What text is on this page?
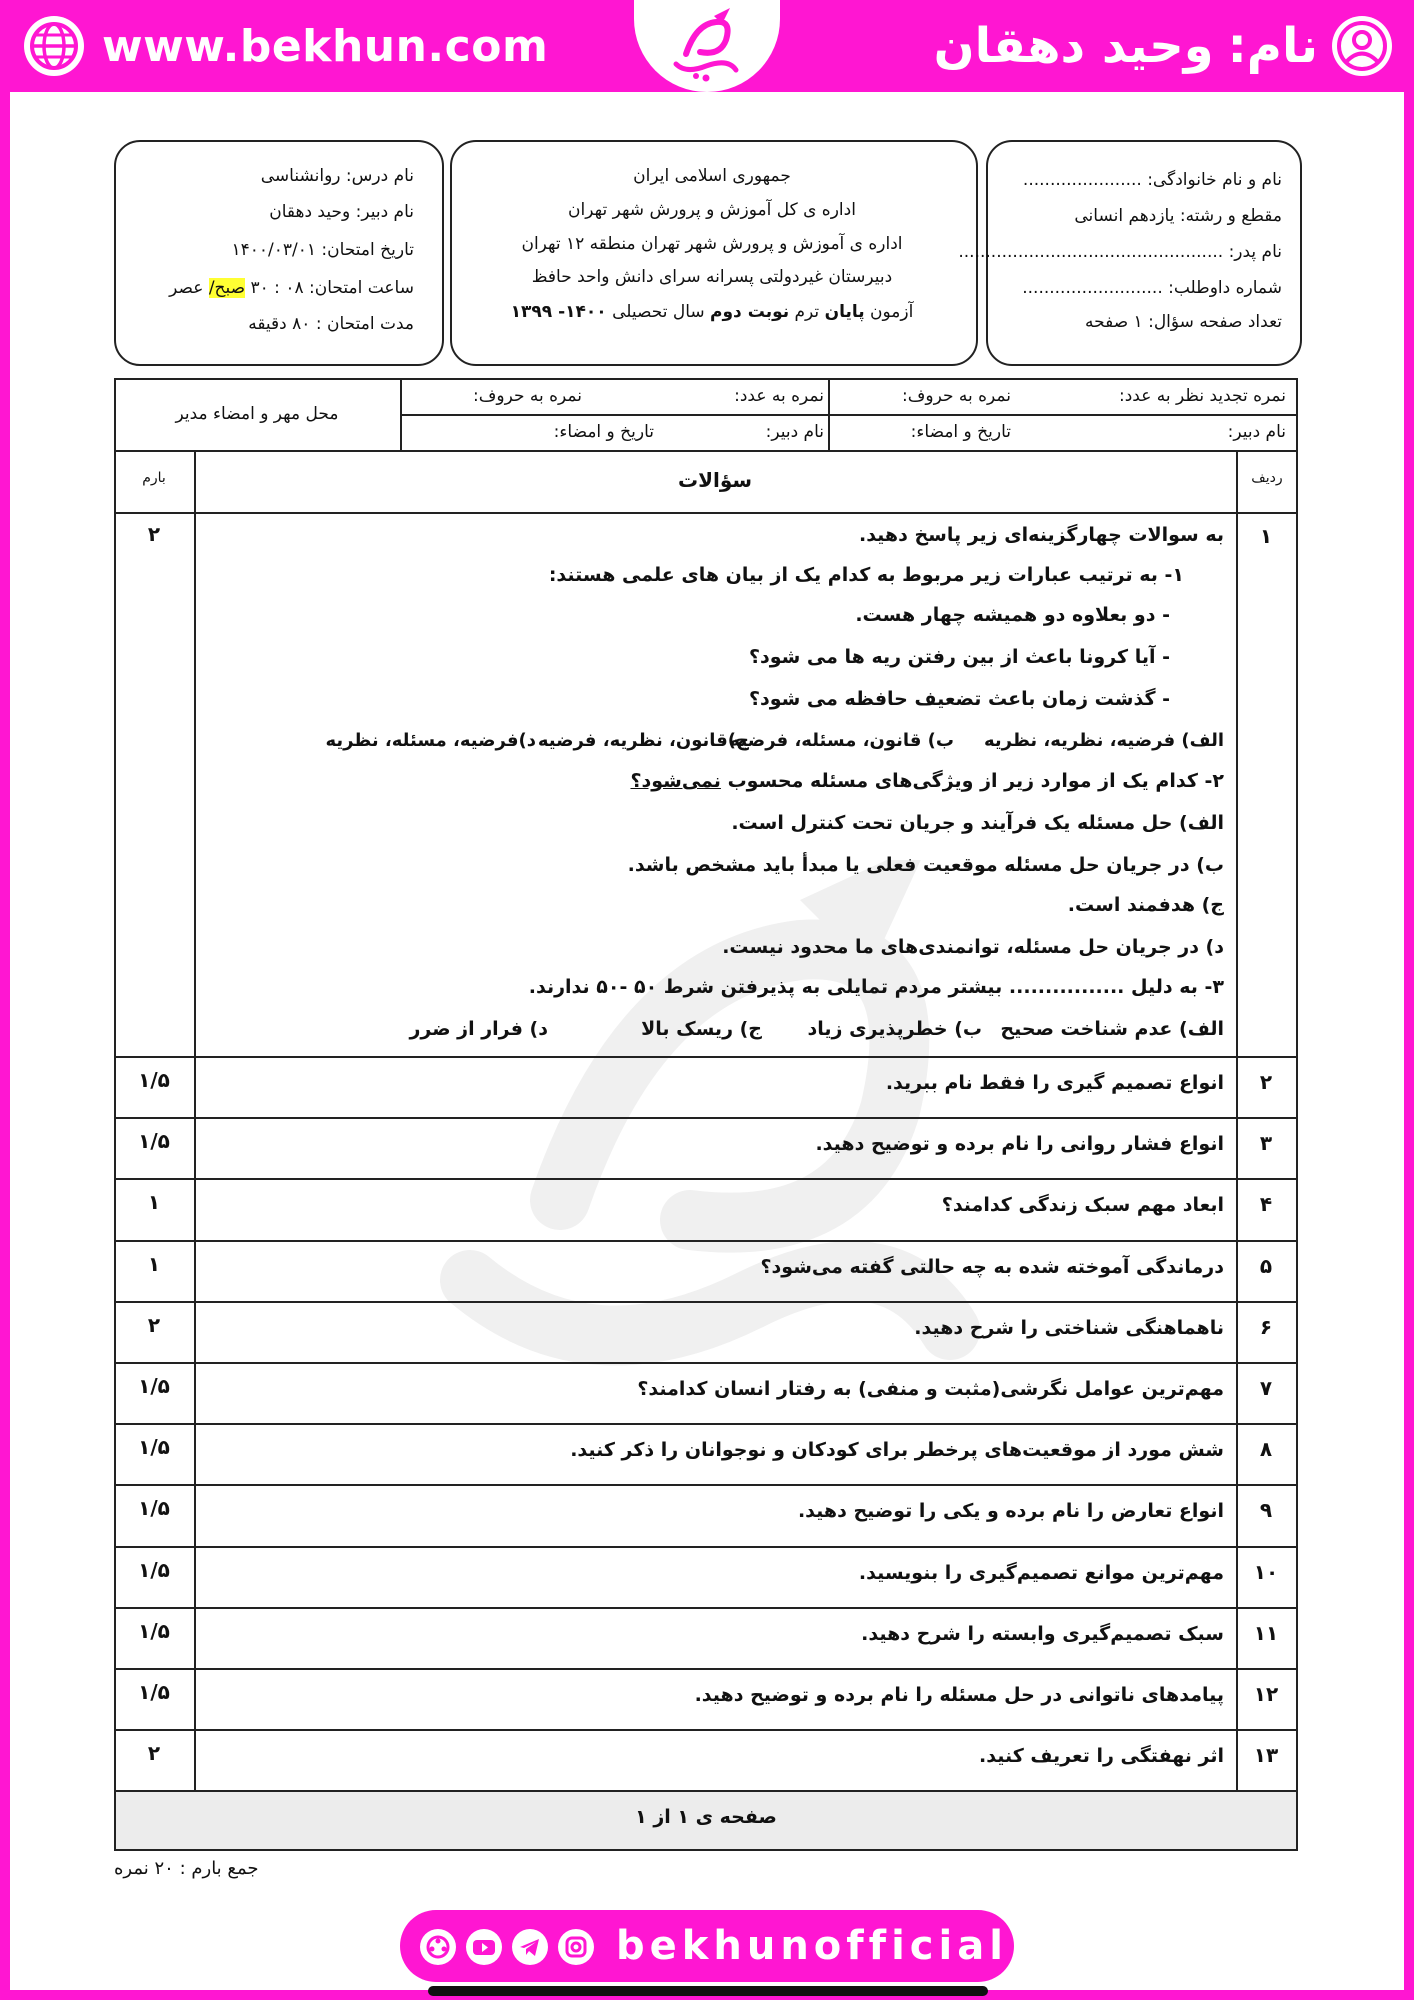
www.bekhun.com	نام:
وحید دهقان
نام درس: روانشناسی
نام دبیر: وحید دهقان
تاریخ امتحان: ۱۴۰۰/۰۳/۰۱
ساعت امتحان: ۰۸ : ۳۰ صبح/ عصر
مدت امتحان : ۸۰ دقیقه
جمهوری اسلامی ایران
اداره ی کل آموزش و پرورش شهر تهران
اداره ی آموزش و پرورش شهر تهران منطقه ۱۲ تهران
دبیرستان غیردولتی پسرانه سرای دانش واحد حافظ
آزمون پایان ترم نوبت دوم سال تحصیلی ۱۴۰۰- ۱۳۹۹
نام و نام خانوادگی: ......................
مقطع و رشته: یازدهم انسانی
نام پدر: .................................................
شماره داوطلب: ..........................
تعداد صفحه سؤال: ۱ صفحه
نمره تجدید نظر به عدد:
نمره به حروف:
نمره به عدد:
نمره به حروف:
نام دبیر:
تاریخ و امضاء:
نام دبیر:
تاریخ و امضاء:
محل مهر و امضاء مدیر
ردیف
سؤالات
بارم
۱
۲	به سوالات چهارگزینه‌ای زیر پاسخ دهید.
۱- به ترتیب عبارات زیر مربوط به کدام یک از بیان های علمی هستند:
- دو بعلاوه دو همیشه چهار هست.
- آیا کرونا باعث از بین رفتن ریه ها می شود؟
- گذشت زمان باعث تضعیف حافظه می شود؟
الف) فرضیه، نظریه، نظریه
ب) قانون، مسئله، فرضیه
ج)قانون، نظریه، فرضیه
د)فرضیه، مسئله، نظریه
۲- کدام یک از موارد زیر از ویژگی‌های مسئله محسوب نمی‌شود؟
الف) حل مسئله یک فرآیند و جریان تحت کنترل است.
ب) در جریان حل مسئله موقعیت فعلی یا مبدأ باید مشخص باشد.
ج) هدفمند است.
د) در جریان حل مسئله، توانمندی‌های ما محدود نیست.
۳- به دلیل ................ بیشتر مردم تمایلی به پذیرفتن شرط ۵۰ -۵۰ ندارند.
الف) عدم شناخت صحیح
ب) خطرپذیری زیاد
ج) ریسک بالا
د) فرار از ضرر
۲
انواع تصمیم گیری را فقط نام ببرید.
۱/۵
۳
انواع فشار روانی را نام برده و توضیح دهید.
۱/۵
۴
ابعاد مهم سبک زندگی کدامند؟
۱
۵
درماندگی آموخته شده به چه حالتی گفته می‌شود؟
۱
۶
ناهماهنگی شناختی را شرح دهید.
۲
۷
مهم‌ترین عوامل نگرشی(مثبت و منفی) به رفتار انسان کدامند؟
۱/۵
۸
شش مورد از موقعیت‌های پرخطر برای کودکان و نوجوانان را ذکر کنید.
۱/۵
۹
انواع تعارض را نام برده و یکی را توضیح دهید.
۱/۵
۱۰
مهم‌ترین موانع تصمیم‌گیری را بنویسید.
۱/۵
۱۱
سبک تصمیم‌گیری وابسته را شرح دهید.
۱/۵
۱۲
پیامدهای ناتوانی در حل مسئله را نام برده و توضیح دهید.
۱/۵
۱۳
اثر نهفتگی را تعریف کنید.
۲
صفحه ی ۱ از ۱
جمع بارم : ۲۰ نمره
bekhunofficial
